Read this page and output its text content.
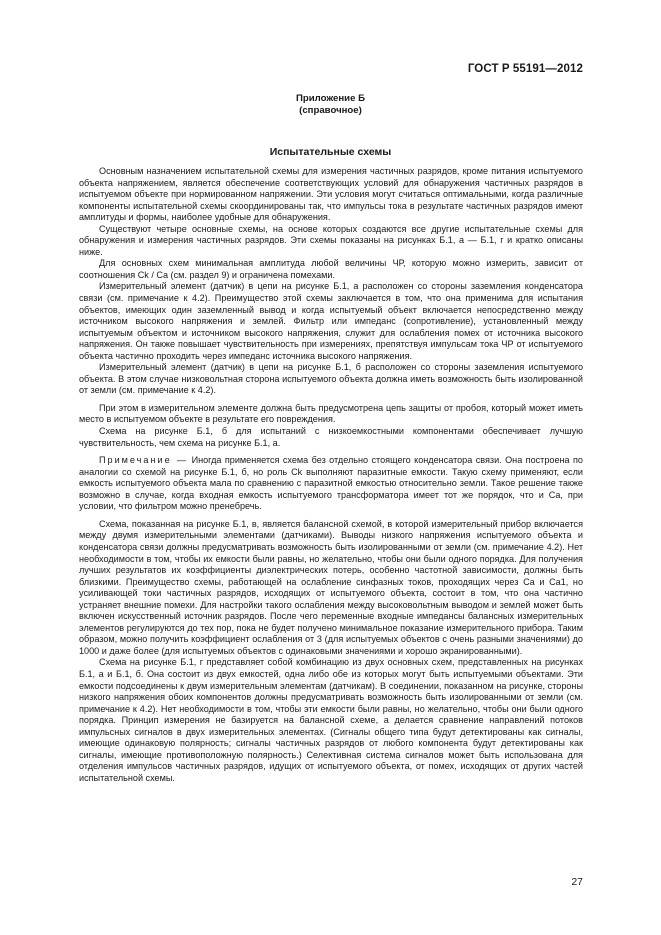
ГОСТ Р 55191—2012
Приложение Б
(справочное)
Испытательные схемы

Основным назначением испытательной схемы для измерения частичных разрядов, кроме питания испытуемого объекта напряжением, является обеспечение соответствующих условий для обнаружения частичных разрядов в испытуемом объекте при нормированном напряжении. Эти условия могут считаться оптимальными, когда различные компоненты испытательной схемы скоординированы так, что импульсы тока в результате частичных разрядов имеют амплитуды и формы, наиболее удобные для обнаружения.

Существуют четыре основные схемы, на основе которых создаются все другие испытательные схемы для обнаружения и измерения частичных разрядов. Эти схемы показаны на рисунках Б.1, а — Б.1, г и кратко описаны ниже.

Для основных схем минимальная амплитуда любой величины ЧР, которую можно измерить, зависит от соотношения Ck / Ca (см. раздел 9) и ограничена помехами.

Измерительный элемент (датчик) в цепи на рисунке Б.1, а расположен со стороны заземления конденсатора связи (см. примечание к 4.2). Преимущество этой схемы заключается в том, что она применима для испытания объектов, имеющих один заземленный вывод и когда испытуемый объект включается непосредственно между источником высокого напряжения и землей. Фильтр или импеданс (сопротивление), установленный между испытуемым объектом и источником высокого напряжения, служит для ослабления помех от источника высокого напряжения. Он также повышает чувствительность при измерениях, препятствуя импульсам тока ЧР от испытуемого объекта частично проходить через импеданс источника высокого напряжения.

Измерительный элемент (датчик) в цепи на рисунке Б.1, б расположен со стороны заземления испытуемого объекта. В этом случае низковольтная сторона испытуемого объекта должна иметь возможность быть изолированной от земли (см. примечание к 4.2).

При этом в измерительном элементе должна быть предусмотрена цепь защиты от пробоя, который может иметь место в испытуемом объекте в результате его повреждения.

Схема на рисунке Б.1, б для испытаний с низкоемкостными компонентами обеспечивает лучшую чувствительность, чем схема на рисунке Б.1, а.

Примечание — Иногда применяется схема без отдельно стоящего конденсатора связи. Она построена по аналогии со схемой на рисунке Б.1, б, но роль Ck выполняют паразитные емкости. Такую схему применяют, если емкость испытуемого объекта мала по сравнению с паразитной емкостью относительно земли. Такое решение также возможно в случае, когда входная емкость испытуемого трансформатора имеет тот же порядок, что и Ca, при условии, что фильтром можно пренебречь.

Схема, показанная на рисунке Б.1, в, является балансной схемой, в которой измерительный прибор включается между двумя измерительными элементами (датчиками). Выводы низкого напряжения испытуемого объекта и конденсатора связи должны предусматривать возможность быть изолированными от земли (см. примечание 4.2). Нет необходимости в том, чтобы их емкости были равны, но желательно, чтобы они были одного порядка. Для получения лучших результатов их коэффициенты диэлектрических потерь, особенно частотной зависимости, должны быть близкими. Преимущество схемы, работающей на ослабление синфазных токов, проходящих через Ca и Ca1, но усиливающей токи частичных разрядов, исходящих от испытуемого объекта, состоит в том, что она частично устраняет внешние помехи. Для настройки такого ослабления между высоковольтным выводом и землей может быть включен искусственный источник разрядов. После чего переменные входные импедансы балансных измерительных элементов регулируются до тех пор, пока не будет получено минимальное показание измерительного прибора. Таким образом, можно получить коэффициент ослабления от 3 (для испытуемых объектов с очень разными значениями) до 1000 и даже более (для испытуемых объектов с одинаковыми значениями и хорошо экранированными).

Схема на рисунке Б.1, г представляет собой комбинацию из двух основных схем, представленных на рисунках Б.1, а и Б.1, б. Она состоит из двух емкостей, одна либо обе из которых могут быть испытуемыми объектами. Эти емкости подсоединены к двум измерительным элементам (датчикам). В соединении, показанном на рисунке, стороны низкого напряжения обоих компонентов должны предусматривать возможность быть изолированными от земли (см. примечание к 4.2). Нет необходимости в том, чтобы эти емкости были равны, но желательно, чтобы они были одного порядка. Принцип измерения не базируется на балансной схеме, а делается сравнение направлений потоков импульсных сигналов в двух измерительных элементах. (Сигналы общего типа будут детектированы как сигналы, имеющие одинаковую полярность; сигналы частичных разрядов от любого компонента будут детектированы как сигналы, имеющие противоположную полярность.) Селективная система сигналов может быть использована для отделения импульсов частичных разрядов, идущих от испытуемого объекта, от помех, исходящих от других частей испытательной схемы.

27
